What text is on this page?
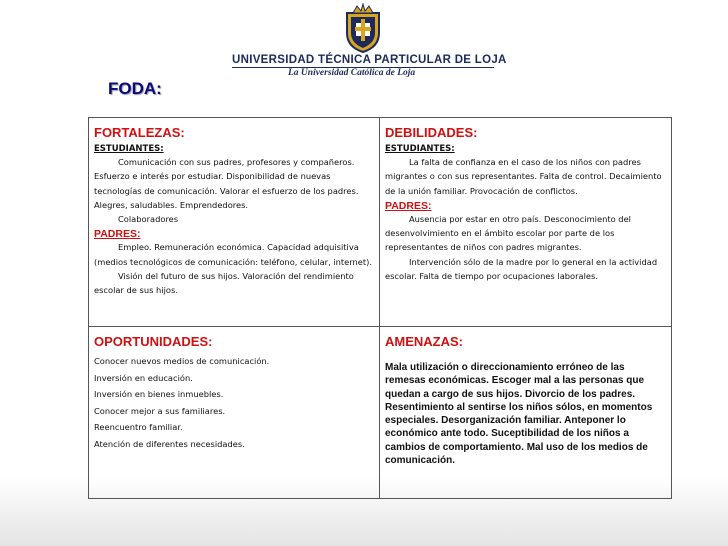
UNIVERSIDAD TÉCNICA PARTICULAR DE LOJA
La Universidad Católica de Loja
FODA:
FORTALEZAS:
ESTUDIANTES:

Comunicación con sus padres, profesores y compañeros. Esfuerzo e interés por estudiar. Disponibilidad de nuevas tecnologías de comunicación. Valorar el esfuerzo de los padres. Alegres, saludables. Emprendedores.

Colaboradores

PADRES:

Empleo. Remuneración económica. Capacidad adquisitiva (medios tecnológicos de comunicación: teléfono, celular, internet).

Visión del futuro de sus hijos. Valoración del rendimiento escolar de sus hijos.

DEBILIDADES:
ESTUDIANTES:

La falta de confianza en el caso de los niños con padres migrantes o con sus representantes. Falta de control. Decaimiento de la unión familiar. Provocación de conflictos.

PADRES:

Ausencia por estar en otro país. Desconocimiento del desenvolvimiento en el ámbito escolar por parte de los representantes de niños con padres migrantes.

Intervención sólo de la madre por lo general en la actividad escolar. Falta de tiempo por ocupaciones laborales.

OPORTUNIDADES:
Conocer nuevos medios de comunicación.
Inversión en educación.
Inversión en bienes inmuebles.
Conocer mejor a sus familiares.
Reencuentro familiar.
Atención de diferentes necesidades.
AMENAZAS:

Mala utilización o direccionamiento erróneo de las remesas económicas. Escoger mal a las personas que quedan a cargo de sus hijos. Divorcio de los padres. Resentimiento al sentirse los niños sólos, en momentos especiales. Desorganización familiar. Anteponer lo económico ante todo. Suceptibilidad de los niños a cambios de comportamiento. Mal uso de los medios de comunicación.
